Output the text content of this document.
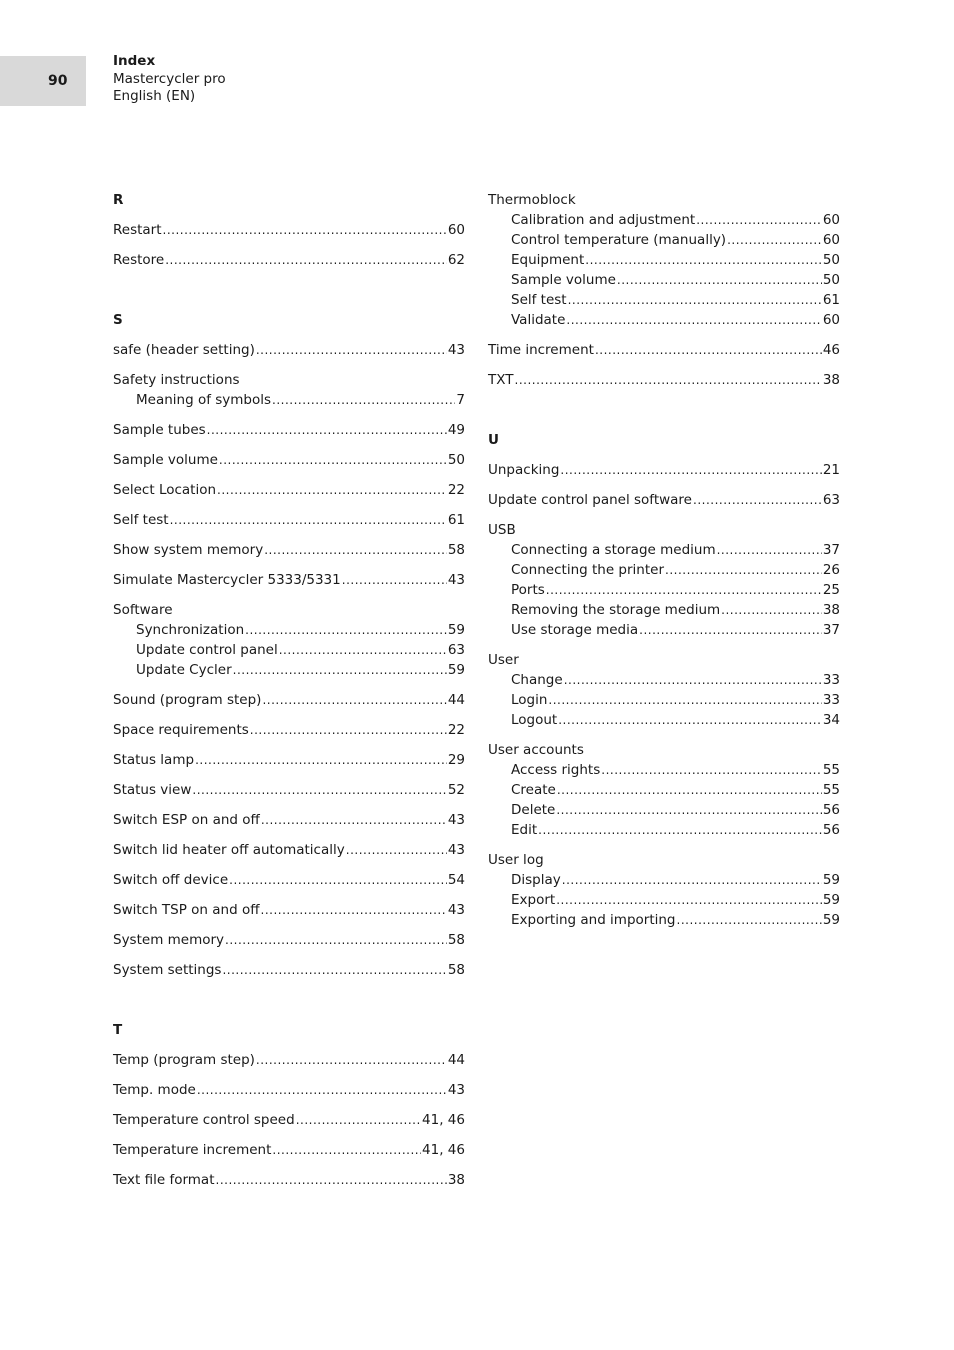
90
Index
Mastercycler pro
English (EN)
R
Restart .....	60
Restore .....	62
S
safe (header setting) .....	43
Safety instructions
Meaning of symbols .....	7
Sample tubes .....	49
Sample volume .....	50
Select Location .....	22
Self test .....	61
Show system memory .....	58
Simulate Mastercycler 5333/5331 .....	43
Software
Synchronization .....	59
Update control panel .....	63
Update Cycler .....	59
Sound (program step) .....	44
Space requirements .....	22
Status lamp .....	29
Status view .....	52
Switch ESP on and off .....	43
Switch lid heater off automatically .....	43
Switch off device .....	54
Switch TSP on and off .....	43
System memory .....	58
System settings .....	58
T
Temp (program step) .....	44
Temp. mode .....	43
Temperature control speed .....	41, 46
Temperature increment .....	41, 46
Text file format .....	38
Thermoblock
Calibration and adjustment .....	60
Control temperature (manually) .....	60
Equipment .....	50
Sample volume .....	50
Self test .....	61
Validate .....	60
Time increment .....	46
TXT .....	38
U
Unpacking .....	21
Update control panel software .....	63
USB
Connecting a storage medium .....	37
Connecting the printer .....	26
Ports .....	25
Removing the storage medium .....	38
Use storage media .....	37
User
Change .....	33
Login .....	33
Logout .....	34
User accounts
Access rights .....	55
Create .....	55
Delete .....	56
Edit .....	56
User log
Display .....	59
Export .....	59
Exporting and importing .....	59
